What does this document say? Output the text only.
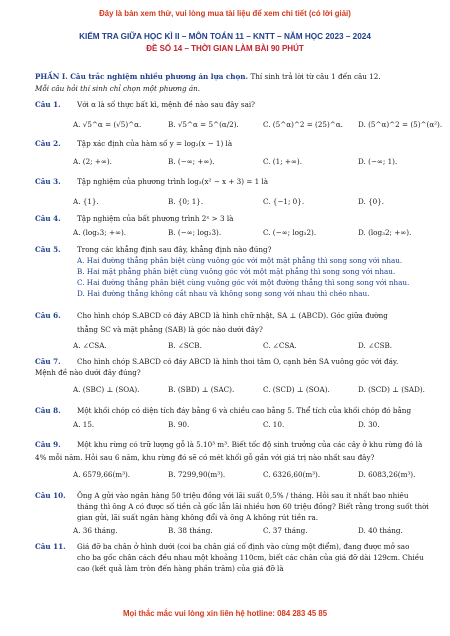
Đây là bản xem thử, vui lòng mua tài liệu để xem chi tiết (có lời giải)
KIỂM TRA GIỮA HỌC KÌ II – MÔN TOÁN 11 – KNTT – NĂM HỌC 2023 – 2024
ĐỀ SỐ 14 – THỜI GIAN LÀM BÀI 90 PHÚT
PHẦN I. Câu trắc nghiệm nhiều phương án lựa chọn. Thí sinh trả lời từ câu 1 đến câu 12.
Mỗi câu hỏi thí sinh chỉ chọn một phương án.
Câu 1. Với α là số thực bất kì, mệnh đề nào sau đây sai?
A. √5^α = (√5)^α.	B. √5^α = 5^(α/2).	C. (5^α)^2 = (25)^α. D. (5^α)^2 = (5)^(α²).
Câu 2. Tập xác định của hàm số y = log₂(x − 1) là
A. (2; +∞).	B. (−∞; +∞).	C. (1; +∞).	D. (−∞; 1).
Câu 3. Tập nghiệm của phương trình log₃(x² − x + 3) = 1 là
A. {1}.	B. {0; 1}.	C. {−1; 0}.	D. {0}.
Câu 4. Tập nghiệm của bất phương trình 2ˣ > 3 là
A. (log₂3; +∞).	B. (−∞; log₂3).	C. (−∞; log₃2).	D. (log₃2; +∞).
Câu 5. Trong các khẳng định sau đây, khẳng định nào đúng?
A. Hai đường thẳng phân biệt cùng vuông góc với một mặt phẳng thì song song với nhau.
B. Hai mặt phẳng phân biệt cùng vuông góc với một mặt phẳng thì song song với nhau.
C. Hai đường thẳng phân biệt cùng vuông góc với một đường thẳng thì song song với nhau.
D. Hai đường thẳng không cắt nhau và không song song với nhau thì chéo nhau.
Câu 6. Cho hình chóp S.ABCD có đáy ABCD là hình chữ nhật, SA ⊥ (ABCD). Góc giữa đường
thẳng SC và mặt phẳng (SAB) là góc nào dưới đây?
A. ∠CSA.	B. ∠SCB.	C. ∠CSA.	D. ∠CSB.
Câu 7. Cho hình chóp S.ABCD có đáy ABCD là hình thoi tâm O, cạnh bên SA vuông góc với đáy.
Mệnh đề nào dưới đây đúng?
A. (SBC) ⊥ (SOA).	B. (SBD) ⊥ (SAC).	C. (SCD) ⊥ (SOA).	D. (SCD) ⊥ (SAD).
Câu 8. Một khối chóp có diện tích đáy bằng 6 và chiều cao bằng 5. Thể tích của khối chóp đó bằng
A. 15.	B. 90.	C. 10.	D. 30.
Câu 9. Một khu rừng có trữ lượng gỗ là 5.10³ m³. Biết tốc độ sinh trưởng của các cây ở khu rừng đó là
4% mỗi năm. Hỏi sau 6 năm, khu rừng đó sẽ có mét khối gỗ gần với giá trị nào nhất sau đây?
A. 6579,66(m³).	B. 7299,90(m³).	C. 6326,60(m³).	D. 6083,26(m³).
Câu 10. Ông A gửi vào ngân hàng 50 triệu đồng với lãi suất 0,5% / tháng. Hỏi sau ít nhất bao nhiêu
tháng thì ông A có được số tiền cả gốc lẫn lãi nhiều hơn 60 triệu đồng? Biết rằng trong suốt thời
gian gửi, lãi suất ngân hàng không đổi và ông A không rút tiền ra.
A. 36 tháng.	B. 38 tháng.	C. 37 tháng.	D. 40 tháng.
Câu 11. Giá đỡ ba chân ở hình dưới (coi ba chân giá cố định vào cùng một điểm), đang được mở sao
cho ba gốc chân cách đều nhau một khoảng 110cm, biết các chân của giá đỡ dài 129cm. Chiều
cao (kết quả làm tròn đến hàng phần trăm) của giá đỡ là
Mọi thắc mắc vui lòng xin liên hệ hotline: 084 283 45 85
